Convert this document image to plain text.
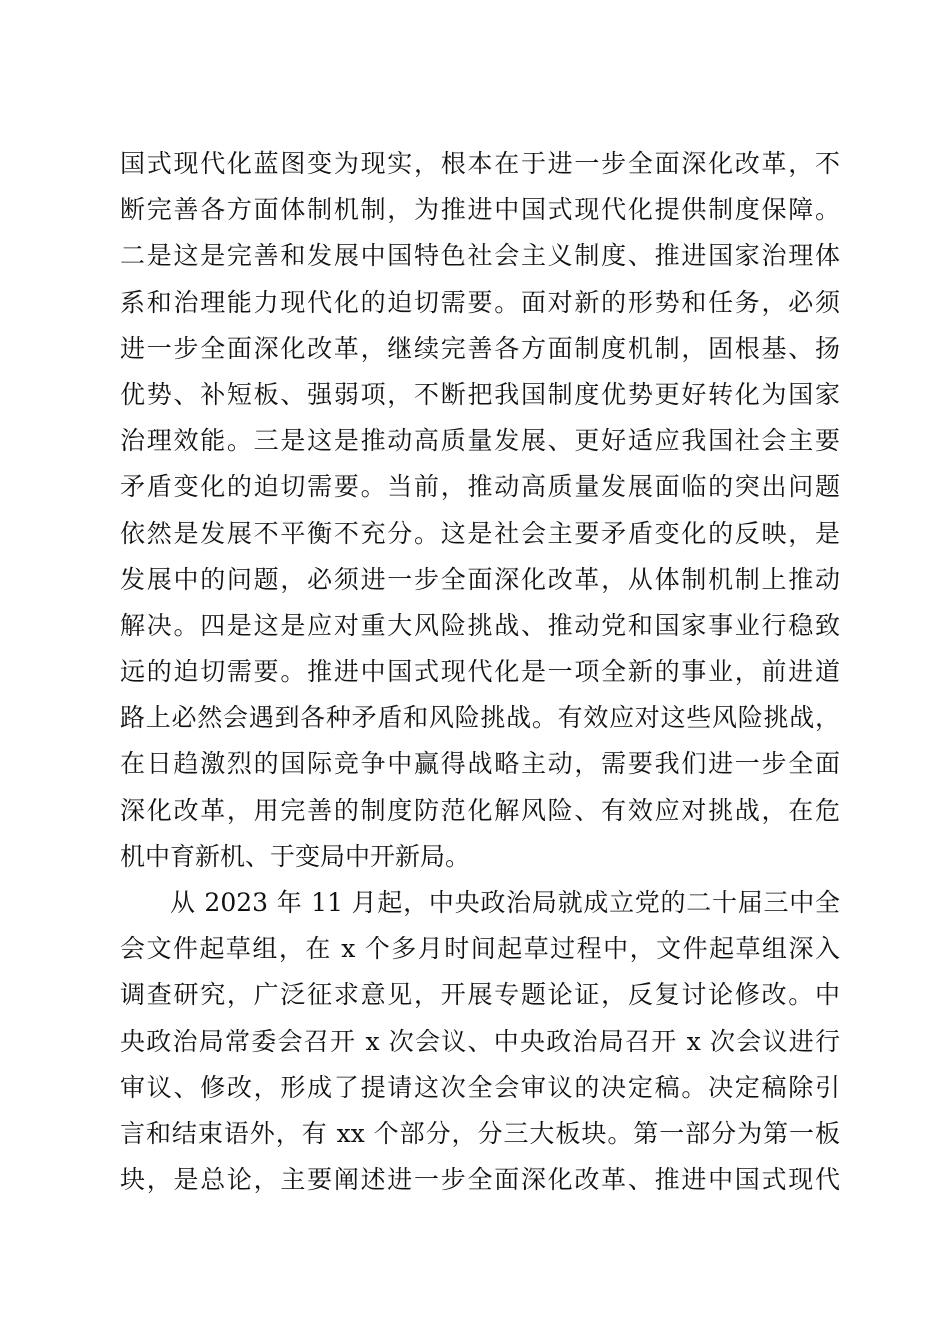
国式现代化蓝图变为现实，根本在于进一步全面深化改革，不
断完善各方面体制机制，为推进中国式现代化提供制度保障。
二是这是完善和发展中国特色社会主义制度、推进国家治理体
系和治理能力现代化的迫切需要。面对新的形势和任务，必须
进一步全面深化改革，继续完善各方面制度机制，固根基、扬
优势、补短板、强弱项，不断把我国制度优势更好转化为国家
治理效能。三是这是推动高质量发展、更好适应我国社会主要
矛盾变化的迫切需要。当前，推动高质量发展面临的突出问题
依然是发展不平衡不充分。这是社会主要矛盾变化的反映，是
发展中的问题，必须进一步全面深化改革，从体制机制上推动
解决。四是这是应对重大风险挑战、推动党和国家事业行稳致
远的迫切需要。推进中国式现代化是一项全新的事业，前进道
路上必然会遇到各种矛盾和风险挑战。有效应对这些风险挑战，
在日趋激烈的国际竞争中赢得战略主动，需要我们进一步全面
深化改革，用完善的制度防范化解风险、有效应对挑战，在危
机中育新机、于变局中开新局。
从 2023 年 11 月起，中央政治局就成立党的二十届三中全
会文件起草组，在 x 个多月时间起草过程中，文件起草组深入
调查研究，广泛征求意见，开展专题论证，反复讨论修改。中
央政治局常委会召开 x 次会议、中央政治局召开 x 次会议进行
审议、修改，形成了提请这次全会审议的决定稿。决定稿除引
言和结束语外，有 xx 个部分，分三大板块。第一部分为第一板
块，是总论，主要阐述进一步全面深化改革、推进中国式现代
